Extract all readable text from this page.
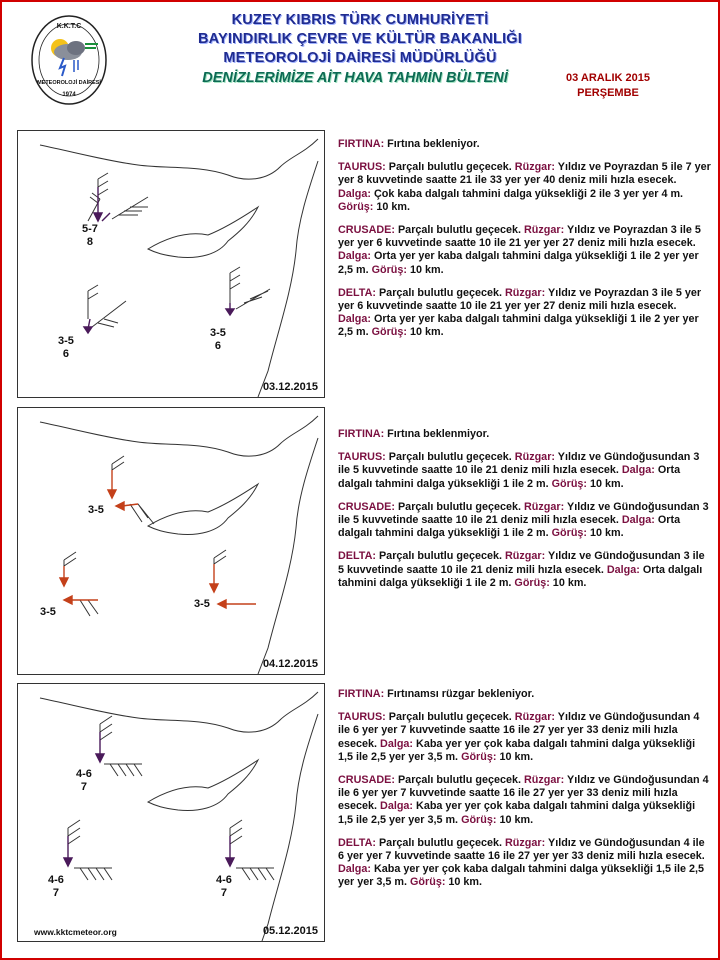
K.K.T.C
METEOROLOJİ DAİRESİ
1974
KUZEY KIBRIS TÜRK CUMHURİYETİ
BAYINDIRLIK ÇEVRE VE KÜLTÜR BAKANLIĞI
METEOROLOJİ DAİRESİ MÜDÜRLÜĞÜ
DENİZLERİMİZE AİT HAVA TAHMİN BÜLTENİ	03 ARALIK 2015
PERŞEMBE
5-7
8
3-5
6
3-5
6
03.12.2015
3-5
3-5
3-5
04.12.2015
4-6
7
4-6
7
4-6
7
www.kktcmeteor.org	05.12.2015

FIRTINA: Fırtına bekleniyor.

TAURUS: Parçalı bulutlu geçecek. Rüzgar: Yıldız ve Poyrazdan 5 ile 7 yer yer 8 kuvvetinde saatte 21 ile 33 yer yer 40 deniz mili hızla esecek. Dalga: Çok kaba dalgalı tahmini dalga yüksekliği 2 ile 3 yer yer 4 m. Görüş: 10 km.

CRUSADE: Parçalı bulutlu geçecek. Rüzgar: Yıldız ve Poyrazdan 3 ile 5 yer yer 6 kuvvetinde saatte 10 ile 21 yer yer 27 deniz mili hızla esecek. Dalga: Orta yer yer kaba dalgalı tahmini dalga yüksekliği 1 ile 2 yer yer 2,5 m. Görüş: 10 km.

DELTA: Parçalı bulutlu geçecek. Rüzgar: Yıldız ve Poyrazdan 3 ile 5 yer yer 6 kuvvetinde saatte 10 ile 21 yer yer 27 deniz mili hızla esecek. Dalga: Orta yer yer kaba dalgalı tahmini dalga yüksekliği 1 ile 2 yer yer 2,5 m. Görüş: 10 km.

FIRTINA: Fırtına beklenmiyor.

TAURUS: Parçalı bulutlu geçecek. Rüzgar: Yıldız ve Gündoğusundan 3 ile 5 kuvvetinde saatte 10 ile 21 deniz mili hızla esecek. Dalga: Orta dalgalı tahmini dalga yüksekliği 1 ile 2 m. Görüş: 10 km.

CRUSADE: Parçalı bulutlu geçecek. Rüzgar: Yıldız ve Gündoğusundan 3 ile 5 kuvvetinde saatte 10 ile 21 deniz mili hızla esecek. Dalga: Orta dalgalı tahmini dalga yüksekliği 1 ile 2 m. Görüş: 10 km.

DELTA: Parçalı bulutlu geçecek. Rüzgar: Yıldız ve Gündoğusundan 3 ile 5 kuvvetinde saatte 10 ile 21 deniz mili hızla esecek. Dalga: Orta dalgalı tahmini dalga yüksekliği 1 ile 2 m. Görüş: 10 km.

FIRTINA: Fırtınamsı rüzgar bekleniyor.

TAURUS: Parçalı bulutlu geçecek. Rüzgar: Yıldız ve Gündoğusundan 4 ile 6 yer yer 7 kuvvetinde saatte 16 ile 27 yer yer 33 deniz mili hızla esecek. Dalga: Kaba yer yer çok kaba dalgalı tahmini dalga yüksekliği 1,5 ile 2,5 yer yer 3,5 m. Görüş: 10 km.

CRUSADE: Parçalı bulutlu geçecek. Rüzgar: Yıldız ve Gündoğusundan 4 ile 6 yer yer 7 kuvvetinde saatte 16 ile 27 yer yer 33 deniz mili hızla esecek. Dalga: Kaba yer yer çok kaba dalgalı tahmini dalga yüksekliği 1,5 ile 2,5 yer yer 3,5 m. Görüş: 10 km.

DELTA: Parçalı bulutlu geçecek. Rüzgar: Yıldız ve Gündoğusundan 4 ile 6 yer yer 7 kuvvetinde saatte 16 ile 27 yer yer 33 deniz mili hızla esecek. Dalga: Kaba yer yer çok kaba dalgalı tahmini dalga yüksekliği 1,5 ile 2,5 yer yer 3,5 m. Görüş: 10 km.
